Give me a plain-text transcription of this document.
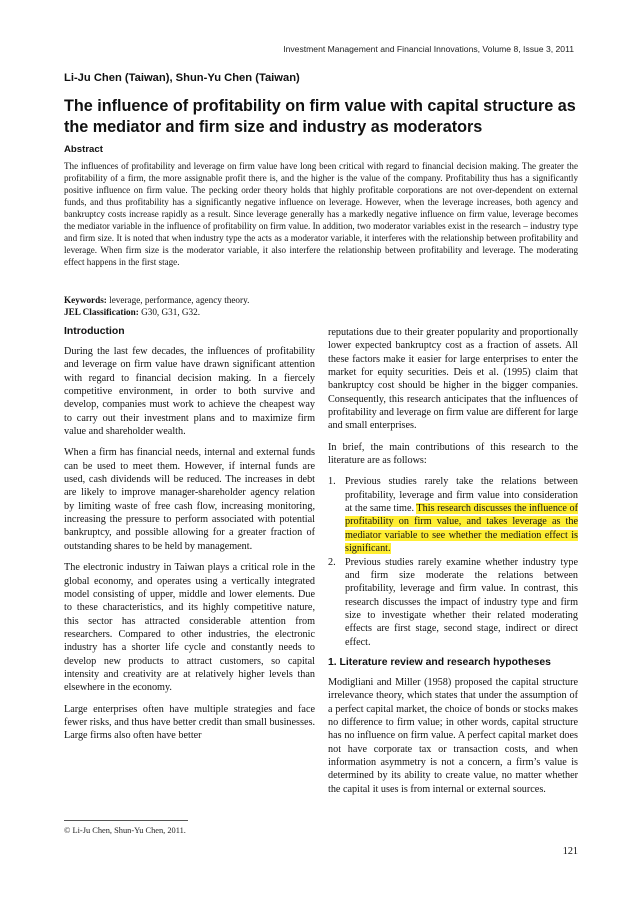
Investment Management and Financial Innovations, Volume 8, Issue 3, 2011
Li-Ju Chen (Taiwan), Shun-Yu Chen (Taiwan)
The influence of profitability on firm value with capital structure as the mediator and firm size and industry as moderators
Abstract

The influences of profitability and leverage on firm value have long been critical with regard to financial decision making. The greater the profitability of a firm, the more assignable profit there is, and the higher is the value of the company. Profitability thus has a significantly positive influence on firm value. The pecking order theory holds that highly profitable corporations are not over-dependent on external funds, and thus profitability has a significantly negative influence on leverage. However, when the leverage increases, both agency and bankruptcy costs increase rapidly as a result. Since leverage generally has a markedly negative influence on firm value, leverage becomes the mediator variable in the influence of profitability on firm value. In addition, two moderator variables exist in the research – industry type and firm size. It is noted that when industry type the acts as a moderator variable, it interferes with the relationship between profitability and leverage. When firm size is the moderator variable, it also interfere the relationship between profitability and leverage. The moderating effect happens in the first stage.

Keywords: leverage, performance, agency theory.
JEL Classification: G30, G31, G32.
Introduction

During the last few decades, the influences of profitability and leverage on firm value have drawn significant attention with regard to financial decision making. In a fiercely competitive environment, in order to both survive and develop, companies must work to achieve the cheapest way to carry out their investment plans and to maximize firm value and shareholder wealth.

When a firm has financial needs, internal and external funds can be used to meet them. However, if internal funds are used, cash dividends will be reduced. The increases in debt are likely to improve manager-shareholder agency relation by limiting waste of free cash flow, increasing monitoring, increasing the pressure to perform associated with potential bankruptcy, and possible allowing for a greater fraction of outstanding shares to be held by management.

The electronic industry in Taiwan plays a critical role in the global economy, and operates using a vertically integrated model consisting of upper, middle and lower elements. Due to these characteristics, and its highly competitive nature, this sector has attracted considerable attention from researchers. Compared to other industries, the electronic industry has a shorter life cycle and constantly needs to develop new products to attract customers, so capital intensity and creativity are at relatively higher levels than elsewhere in the economy.

Large enterprises often have multiple strategies and face fewer risks, and thus have better credit than small businesses. Large firms also often have better

reputations due to their greater popularity and proportionally lower expected bankruptcy cost as a fraction of assets. All these factors make it easier for large enterprises to enter the market for equity securities. Deis et al. (1995) claim that bankruptcy cost should be higher in the bigger companies. Consequently, this research anticipates that the influences of profitability and leverage on firm value are different for large and small enterprises.

In brief, the main contributions of this research to the literature are as follows:

1. Previous studies rarely take the relations between profitability, leverage and firm value into consideration at the same time. This research discusses the influence of profitability on firm value, and takes leverage as the mediator variable to see whether the mediation effect is significant.
2. Previous studies rarely examine whether industry type and firm size moderate the relations between profitability, leverage and firm value. In contrast, this research discusses the impact of industry type and firm size to investigate whether their related moderating effects are first stage, second stage, indirect or direct effect.
1. Literature review and research hypotheses

Modigliani and Miller (1958) proposed the capital structure irrelevance theory, which states that under the assumption of a perfect capital market, the choice of bonds or stocks makes no difference to firm value; in other words, capital structure has no influence on firm value. A perfect capital market does not have corporate tax or transaction costs, and when information asymmetry is not a concern, a firm’s value is determined by its ability to create value, no matter whether the capital it uses is from internal or external sources.

© Li-Ju Chen, Shun-Yu Chen, 2011.
121
